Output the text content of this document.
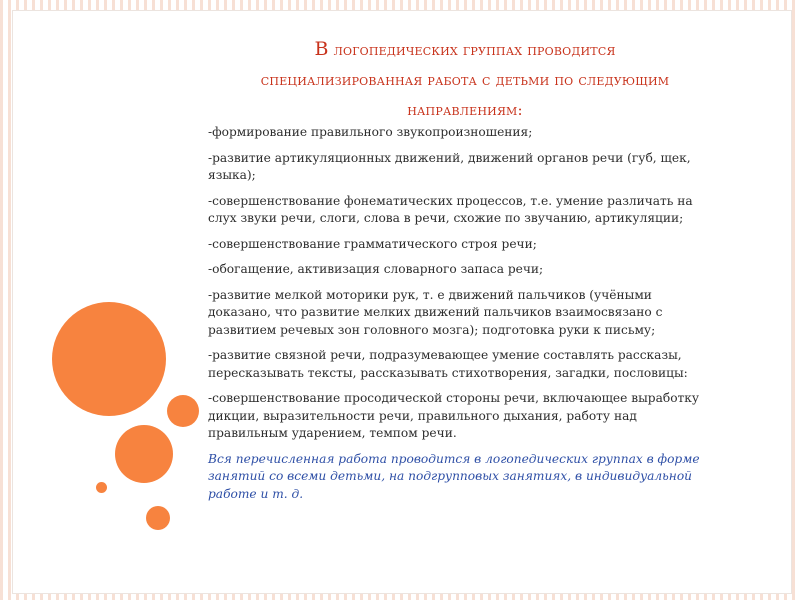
В логопедических группах проводится
специализированная работа с детьми по следующим
направлениям:

-формирование правильного звукопроизношения;

-развитие артикуляционных движений, движений органов речи (губ, щек, языка);

-совершенствование фонематических процессов, т.е. умение различать на слух звуки речи, слоги, слова в речи, схожие по звучанию, артикуляции;

-совершенствование грамматического строя речи;

-обогащение, активизация словарного запаса речи;

-развитие мелкой моторики рук, т. е движений пальчиков (учёными доказано, что развитие мелких движений пальчиков взаимосвязано с развитием речевых зон головного мозга); подготовка руки к письму;

-развитие связной речи, подразумевающее умение составлять рассказы, пересказывать тексты, рассказывать стихотворения, загадки, пословицы:

-совершенствование просодической стороны речи, включающее выработку дикции, выразительности речи, правильного дыхания, работу над правильным ударением, темпом речи.

Вся перечисленная работа проводится в логопедических группах в форме занятий со всеми детьми, на подгрупповых занятиях, в индивидуальной работе и т. д.
